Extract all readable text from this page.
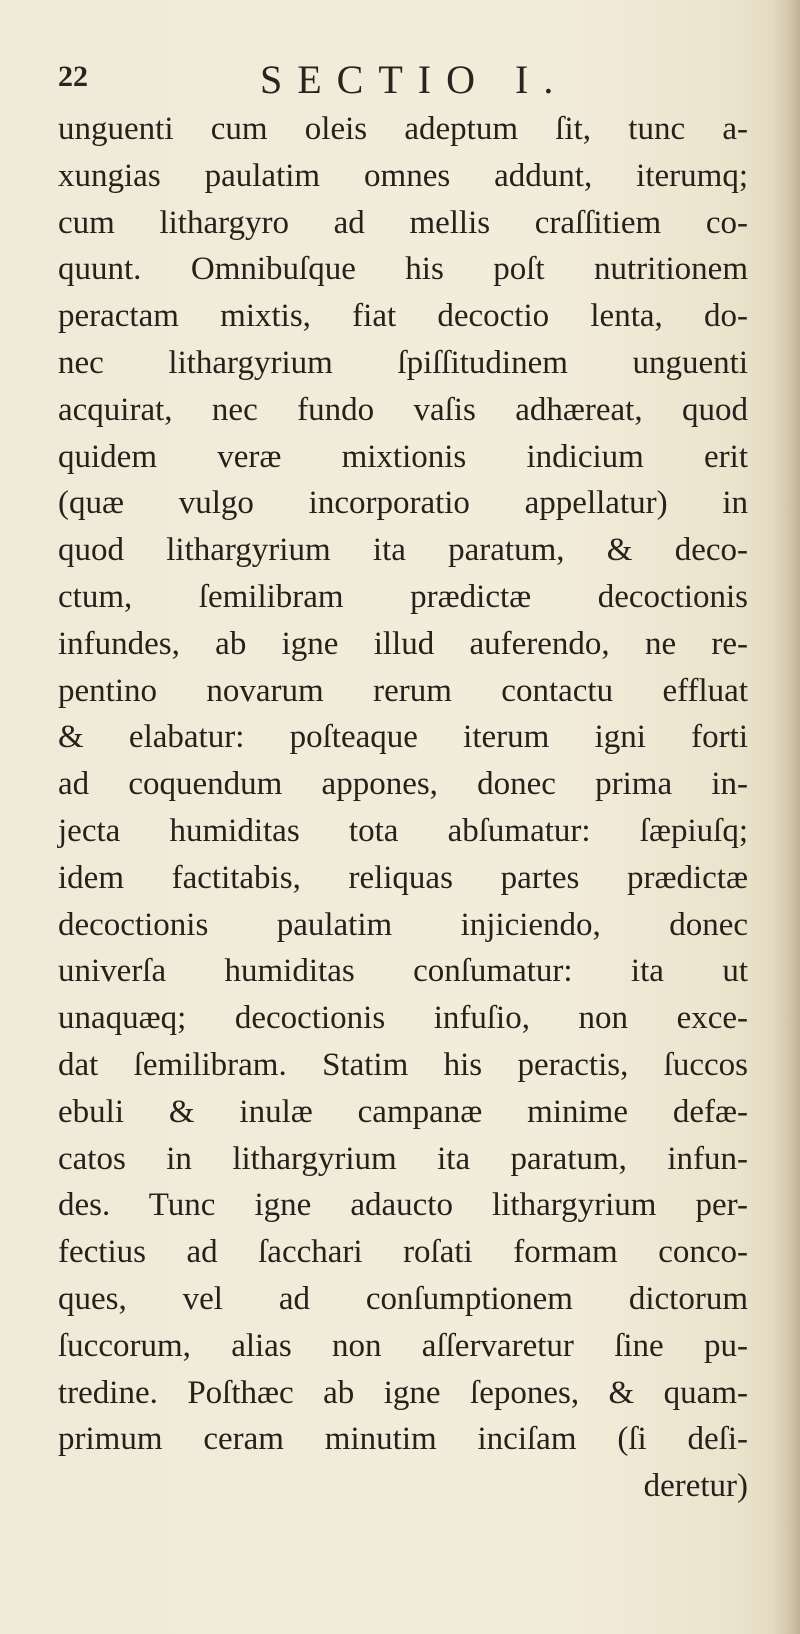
22	SECTIO I.
unguenti cum oleis adeptum ſit, tunc a-
xungias paulatim omnes addunt, iterumq;
cum lithargyro ad mellis craſſitiem co-
quunt. Omnibuſque his poſt nutritionem
peractam mixtis, fiat decoctio lenta, do-
nec lithargyrium ſpiſſitudinem unguenti
acquirat, nec fundo vaſis adhæreat, quod
quidem veræ mixtionis indicium erit
(quæ vulgo incorporatio appellatur) in
quod lithargyrium ita paratum, & deco-
ctum, ſemilibram prædictæ decoctionis
infundes, ab igne illud auferendo, ne re-
pentino novarum rerum contactu effluat
& elabatur: poſteaque iterum igni forti
ad coquendum appones, donec prima in-
jecta humiditas tota abſumatur: ſæpiuſq;
idem factitabis, reliquas partes prædictæ
decoctionis paulatim injiciendo, donec
univerſa humiditas conſumatur: ita ut
unaquæq; decoctionis infuſio, non exce-
dat ſemilibram. Statim his peractis, ſuccos
ebuli & inulæ campanæ minime defæ-
catos in lithargyrium ita paratum, infun-
des. Tunc igne adaucto lithargyrium per-
fectius ad ſacchari roſati formam conco-
ques, vel ad conſumptionem dictorum
ſuccorum, alias non aſſervaretur ſine pu-
tredine. Poſthæc ab igne ſepones, & quam-
primum ceram minutim inciſam (ſi deſi-
deretur)
